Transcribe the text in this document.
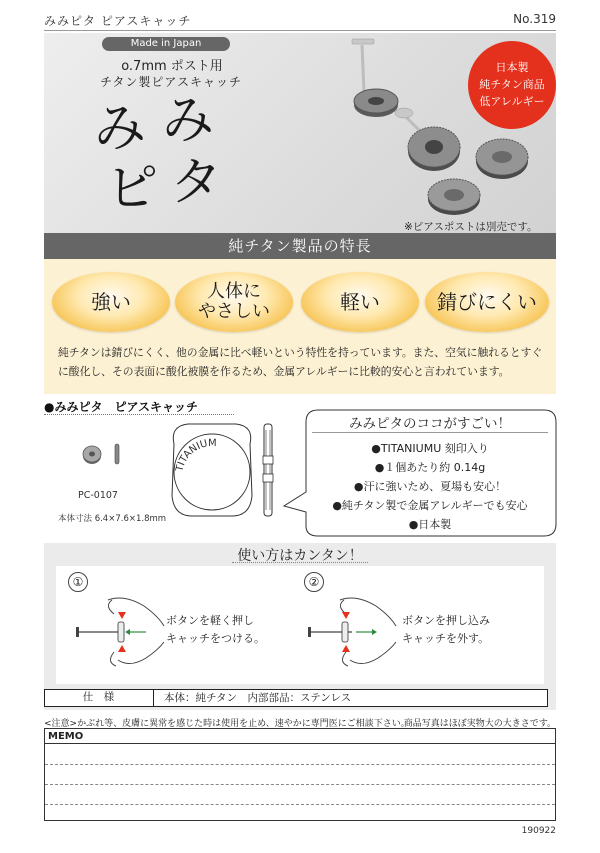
みみピタ ピアスキャッチ	No.319
Made in Japan
o.7mm ポスト用
チタン製ピアスキャッチ
み み
ピ タ
日本製
純チタン商品
低アレルギー
※ピアスポストは別売です。
純チタン製品の特長
強い	人体に
やさしい	軽い	錆びにくい
純チタンは錆びにくく、他の金属に比べ軽いという特性を持っています。また、空気に触れるとすぐに酸化し、その表面に酸化被膜を作るため、金属アレルギーに比較的安心と言われています。
●みみピタ　ピアスキャッチ
PC-0107
本体寸法 6.4×7.6×1.8mm
TITANIUM
みみピタのココがすごい！
●TITANIUMU 刻印入り
●１個あたり約 0.14g
●汗に強いため、夏場も安心！
●純チタン製で金属アレルギーでも安心
●日本製
使い方はカンタン！
①
ボタンを軽く押し
キャッチをつける。
②
ボタンを押し込み
キャッチを外す。
仕　様	本体：純チタン　内部部品：ステンレス
<注意>かぶれ等、皮膚に異常を感じた時は使用を止め、速やかに専門医にご相談下さい。
商品写真はほぼ実物大の大きさです。
MEMO
190922
